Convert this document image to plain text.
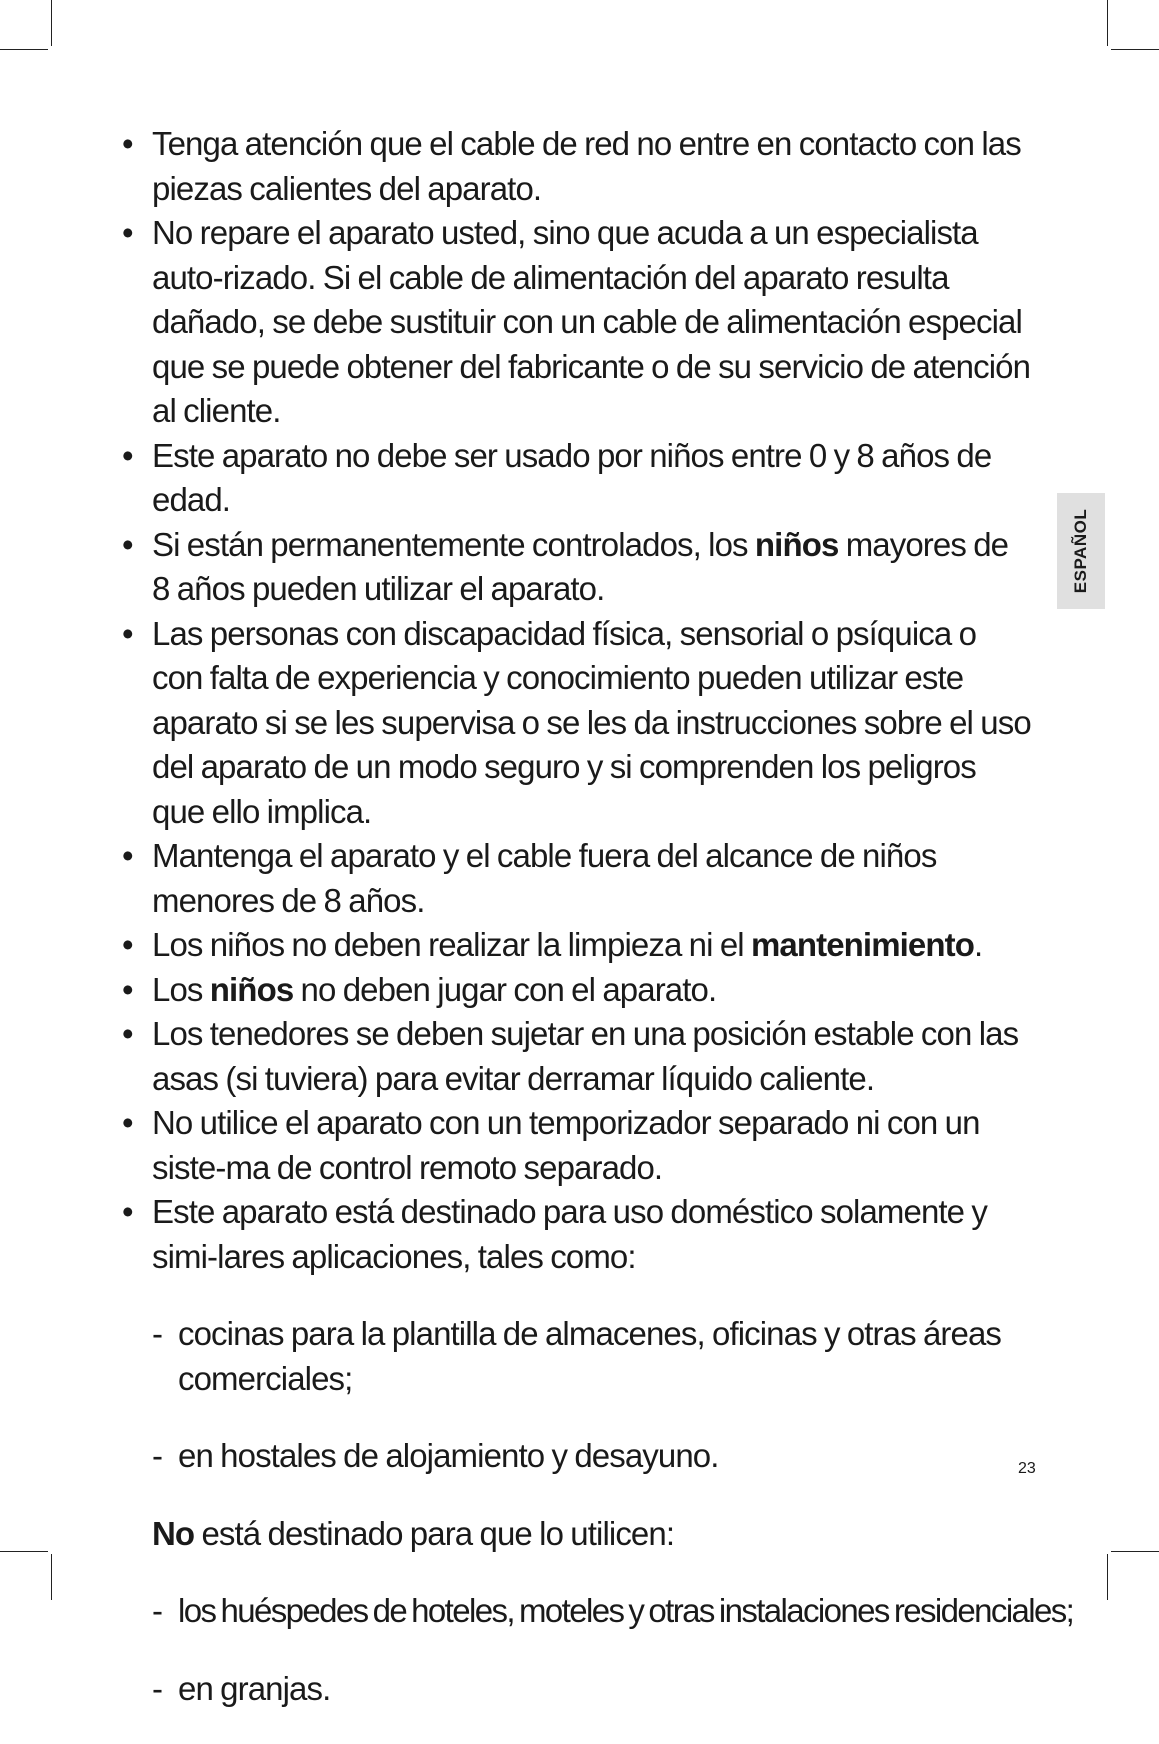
• Tenga atención que el cable de red no entre en contacto con las piezas calientes del aparato.

• No repare el aparato usted, sino que acuda a un especialista auto-rizado. Si el cable de alimentación del aparato resulta dañado, se debe sustituir con un cable de alimentación especial que se puede obtener del fabricante o de su servicio de atención al cliente.

• Este aparato no debe ser usado por niños entre 0 y 8 años de edad.

• Si están permanentemente controlados, los niños mayores de 8 años pueden utilizar el aparato.

• Las personas con discapacidad física, sensorial o psíquica o con falta de experiencia y conocimiento pueden utilizar este aparato si se les supervisa o se les da instrucciones sobre el uso del aparato de un modo seguro y si comprenden los peligros que ello implica.

• Mantenga el aparato y el cable fuera del alcance de niños menores de 8 años.

• Los niños no deben realizar la limpieza ni el mantenimiento.

• Los niños no deben jugar con el aparato.

• Los tenedores se deben sujetar en una posición estable con las asas (si tuviera) para evitar derramar líquido caliente.

• No utilice el aparato con un temporizador separado ni con un siste-ma de control remoto separado.

• Este aparato está destinado para uso doméstico solamente y simi-lares aplicaciones, tales como:

- cocinas para la plantilla de almacenes, oficinas y otras áreas comerciales;

- en hostales de alojamiento y desayuno.

No está destinado para que lo utilicen:

- los huéspedes de hoteles, moteles y otras instalaciones residenciales;

- en granjas.

ESPAÑOL
23
